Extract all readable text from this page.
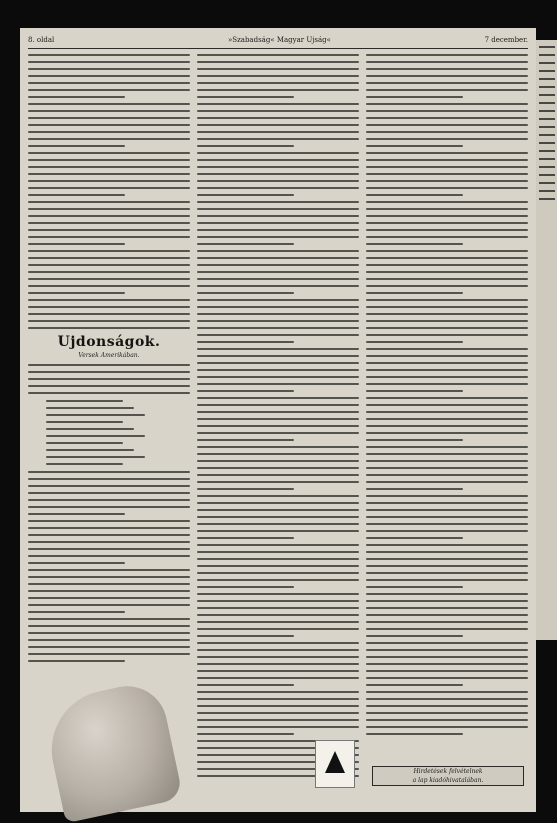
8. oldal	»Szabadság« Magyar Ujság«	7 december.
Ujdonságok.
Versek Amerikában.
Hirdetések felvételnek
a lap kiadóhivatalában.
